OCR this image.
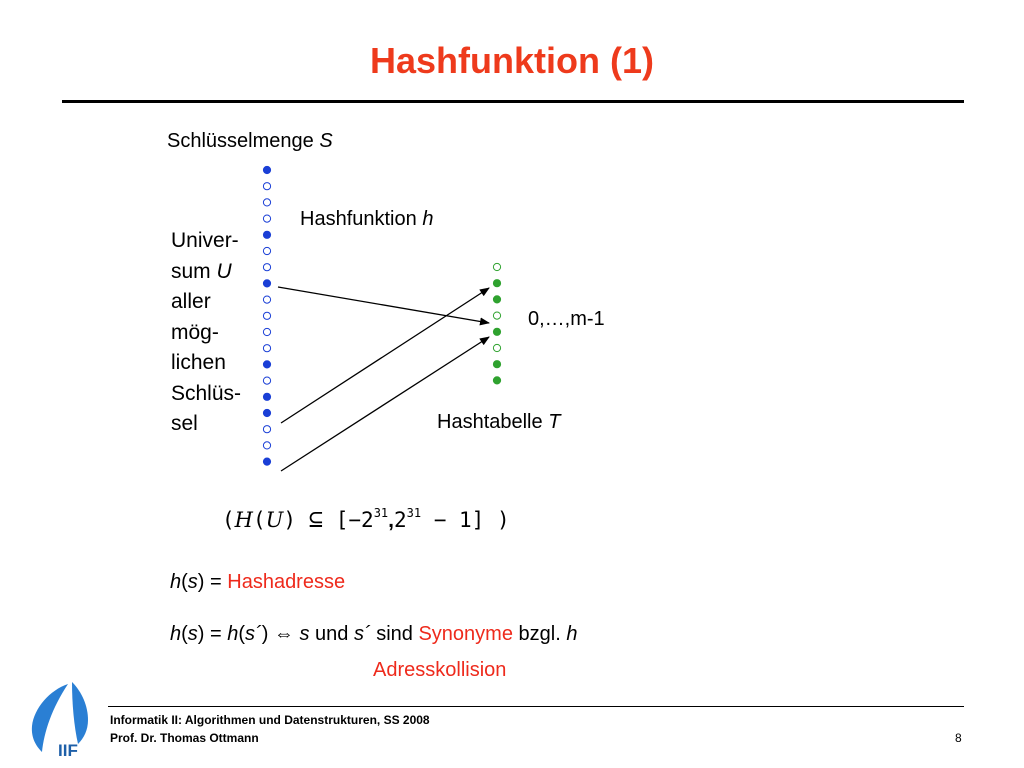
Hashfunktion (1)
Schlüsselmenge S
Hashfunktion h
Univer-
sum U
aller
mög-
lichen
Schlüs-
sel
0,…,m-1
Hashtabelle T
(H(U) ⊆ $[-2^{31},2^{31} - 1]$ )
h(s) = Hashadresse
h(s) = h(s´) ⇔ s und s´ sind Synonyme bzgl. h
Adresskollision
IIF
Informatik II: Algorithmen und Datenstrukturen, SS 2008
Prof. Dr. Thomas Ottmann	8
